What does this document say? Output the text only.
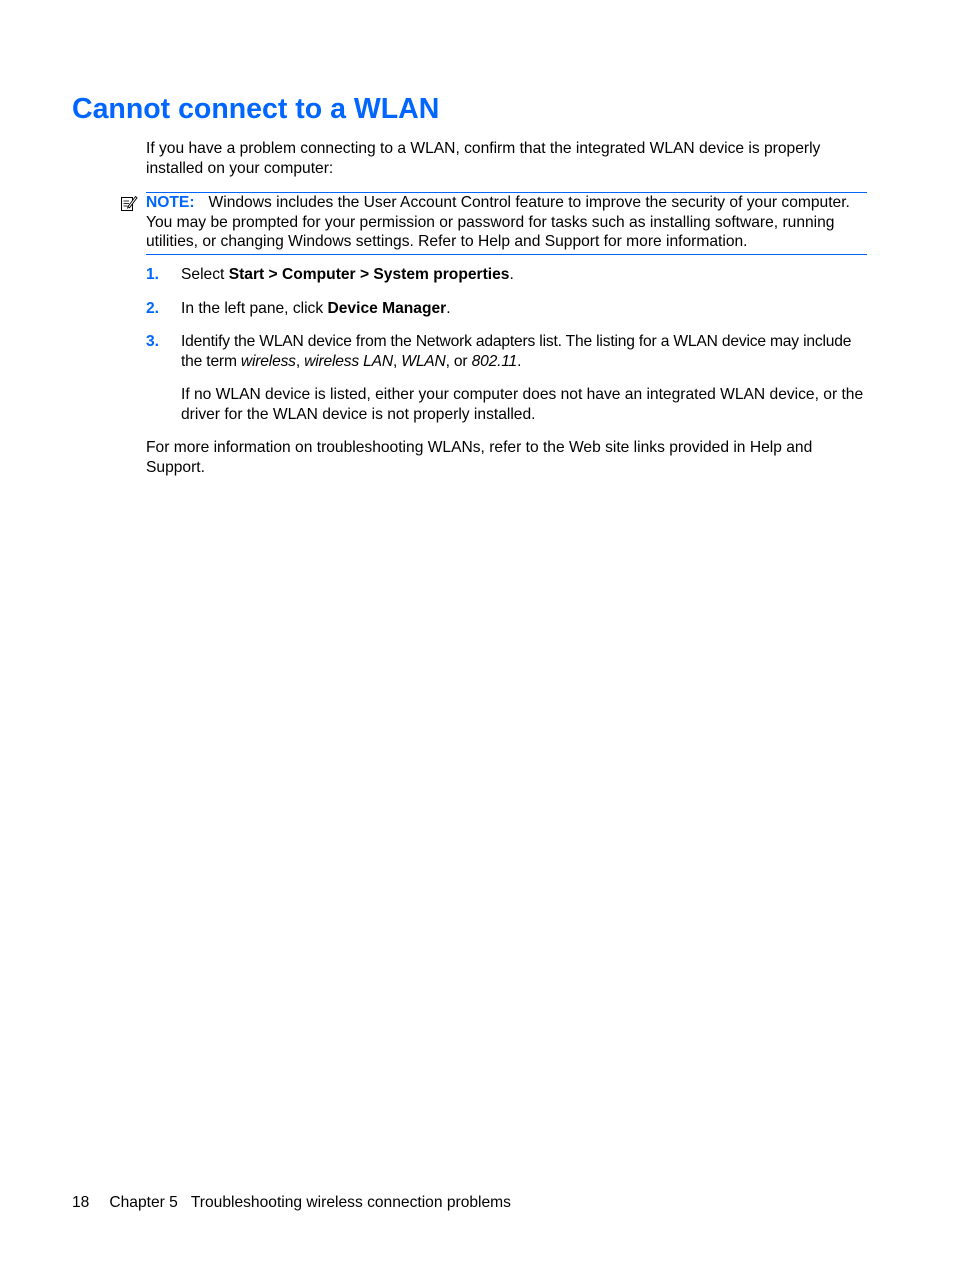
Cannot connect to a WLAN

If you have a problem connecting to a WLAN, confirm that the integrated WLAN device is properly installed on your computer:

NOTE: Windows includes the User Account Control feature to improve the security of your computer. You may be prompted for your permission or password for tasks such as installing software, running utilities, or changing Windows settings. Refer to Help and Support for more information.

1. Select Start > Computer > System properties.
2. In the left pane, click Device Manager.
3. Identify the WLAN device from the Network adapters list. The listing for a WLAN device may include the term wireless, wireless LAN, WLAN, or 802.11.

If no WLAN device is listed, either your computer does not have an integrated WLAN device, or the driver for the WLAN device is not properly installed.

For more information on troubleshooting WLANs, refer to the Web site links provided in Help and Support.

18 Chapter 5 Troubleshooting wireless connection problems
